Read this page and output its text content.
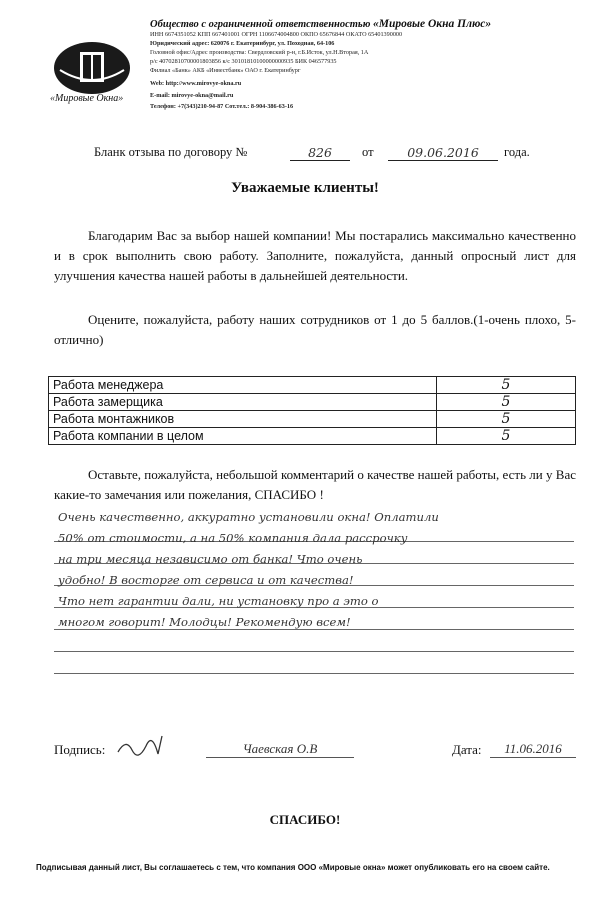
«Мировые Окна»
Общество с ограниченной ответственностью «Мировые Окна Плюс»
ИНН 6674351052 КПП 667401001 ОГРН 1106674004800 ОКПО 65676844 ОКАТО 65401390000
Юридический адрес: 620076 г. Екатеринбург, ул. Походная, 64-106
Головной офис/Адрес производства: Свердловский р-н, г.Б.Исток, ул.Н.Вторая, 1А
р/с 40702810700001803856 к/с 30101810100000000935 БИК 046577935
Филиал «Банк» АКБ «Инвестбанк» ОАО г. Екатеринбург
Web: http://www.mirovye-okna.ru
E-mail: mirovye-okna@mail.ru
Телефон: +7(343)210-94-87 Сот.тел.: 8-904-386-63-16
Бланк отзыва по договору №	826	от	09.06.2016	года.
Уважаемые клиенты!
Благодарим Вас за выбор нашей компании! Мы постарались максимально качественно и в срок выполнить свою работу. Заполните, пожалуйста, данный опросный лист для улучшения качества нашей работы в дальнейшей деятельности.
Оцените, пожалуйста, работу наших сотрудников от 1 до 5 баллов.(1-очень плохо, 5-отлично)
Работа менеджера	5
Работа замерщика	5
Работа монтажников	5
Работа компании в целом	5
Оставьте, пожалуйста, небольшой комментарий о качестве нашей работы, есть ли у Вас какие-то замечания или пожелания, СПАСИБО !
Очень качественно, аккуратно установили окна! Оплатили
50% от стоимости, а на 50% компания дала рассрочку
на три месяца независимо от банка! Что очень
удобно! В восторге от сервиса и от качества!
Что нет гарантии дали, ни установку про а это о
многом говорит! Молодцы! Рекомендую всем!
Подпись:	Чаевская О.В	Дата:	11.06.2016
СПАСИБО!
Подписывая данный лист, Вы соглашаетесь с тем, что компания ООО «Мировые окна» может опубликовать его на своем сайте.
